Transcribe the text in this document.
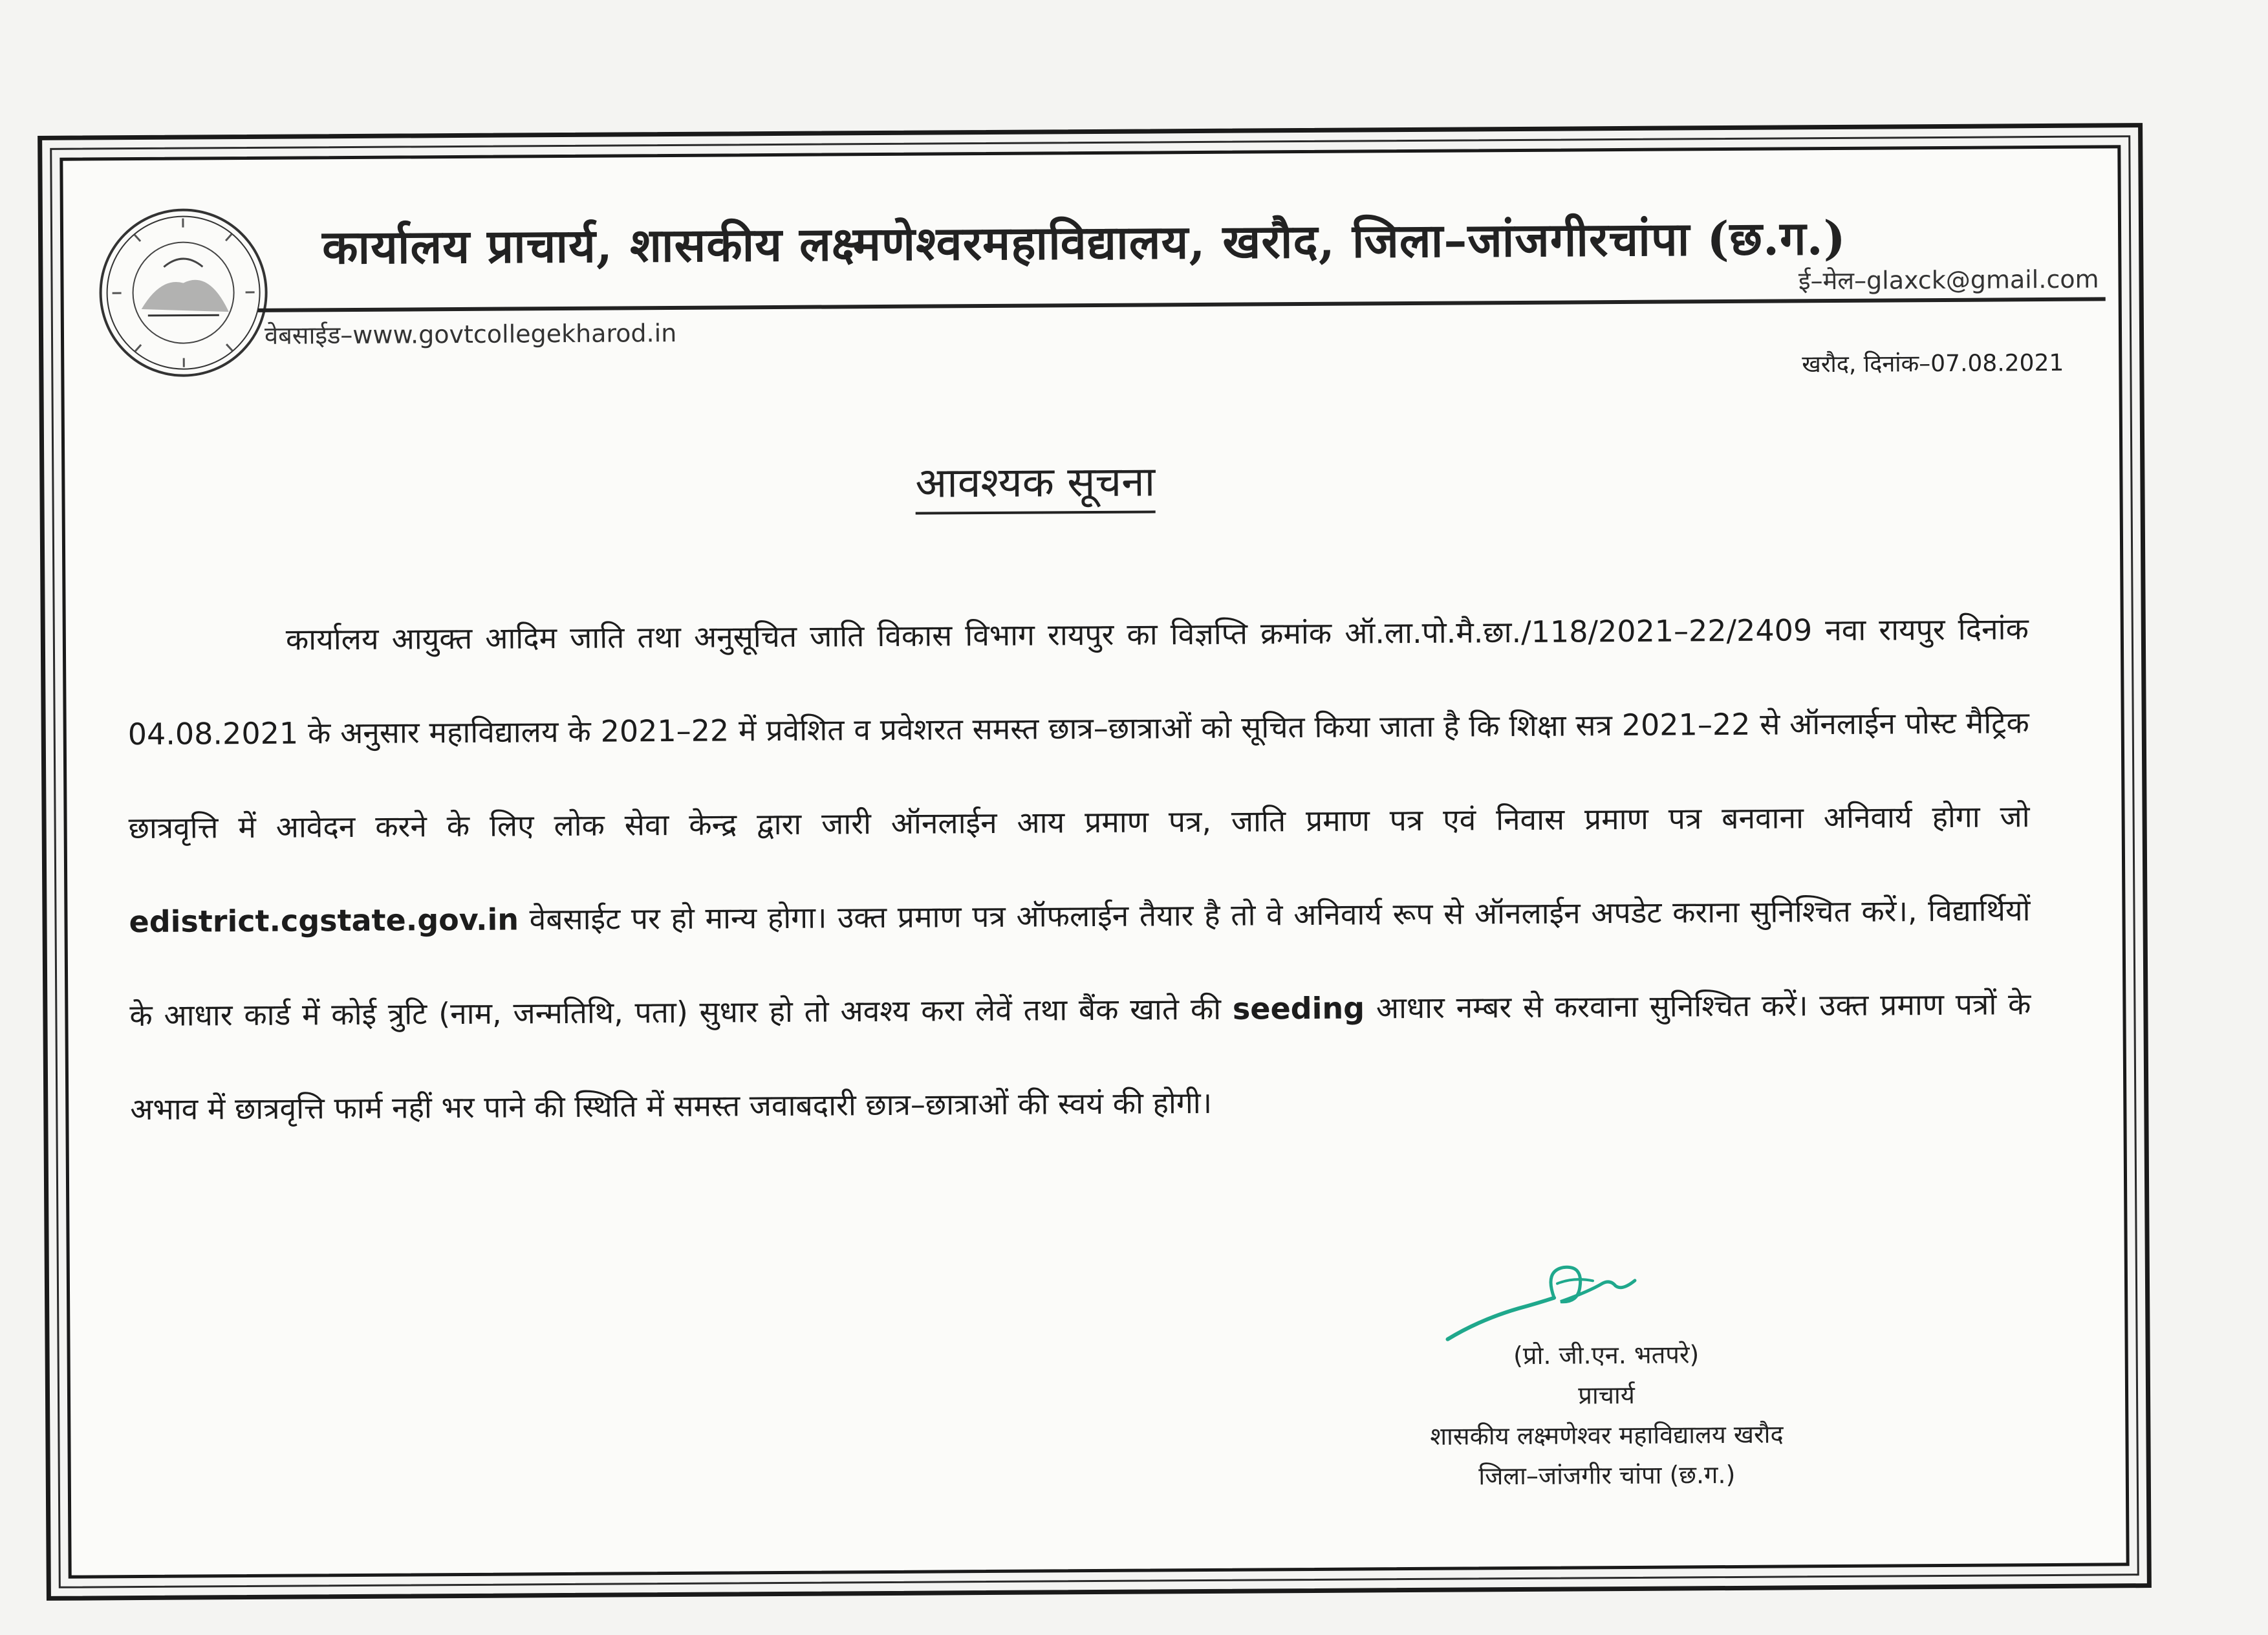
कार्यालय प्राचार्य, शासकीय लक्ष्मणेश्वरमहाविद्यालय, खरौद, जिला–जांजगीरचांपा (छ.ग.)
ई–मेल–glaxck@gmail.com
वेबसाईड–www.govtcollegekharod.in
खरौद, दिनांक–07.08.2021
आवश्यक सूचना

कार्यालय आयुक्त आदिम जाति तथा अनुसूचित जाति विकास विभाग रायपुर का विज्ञप्ति क्रमांक ऑ.ला.पो.मै.छा./118/2021–22/2409 नवा रायपुर दिनांक 04.08.2021 के अनुसार महाविद्यालय के 2021–22 में प्रवेशित व प्रवेशरत समस्त छात्र–छात्राओं को सूचित किया जाता है कि शिक्षा सत्र 2021–22 से ऑनलाईन पोस्ट मैट्रिक छात्रवृत्ति में आवेदन करने के लिए लोक सेवा केन्द्र द्वारा जारी ऑनलाईन आय प्रमाण पत्र, जाति प्रमाण पत्र एवं निवास प्रमाण पत्र बनवाना अनिवार्य होगा जो edistrict.cgstate.gov.in वेबसाईट पर हो मान्य होगा। उक्त प्रमाण पत्र ऑफलाईन तैयार है तो वे अनिवार्य रूप से ऑनलाईन अपडेट कराना सुनिश्चित करें।, विद्यार्थियों के आधार कार्ड में कोई त्रुटि (नाम, जन्मतिथि, पता) सुधार हो तो अवश्य करा लेवें तथा बैंक खाते की seeding आधार नम्बर से करवाना सुनिश्चित करें। उक्त प्रमाण पत्रों के अभाव में छात्रवृत्ति फार्म नहीं भर पाने की स्थिति में समस्त जवाबदारी छात्र–छात्राओं की स्वयं की होगी।

(प्रो. जी.एन. भतपरे)
प्राचार्य
शासकीय लक्ष्मणेश्वर महाविद्यालय खरौद
जिला–जांजगीर चांपा (छ.ग.)
